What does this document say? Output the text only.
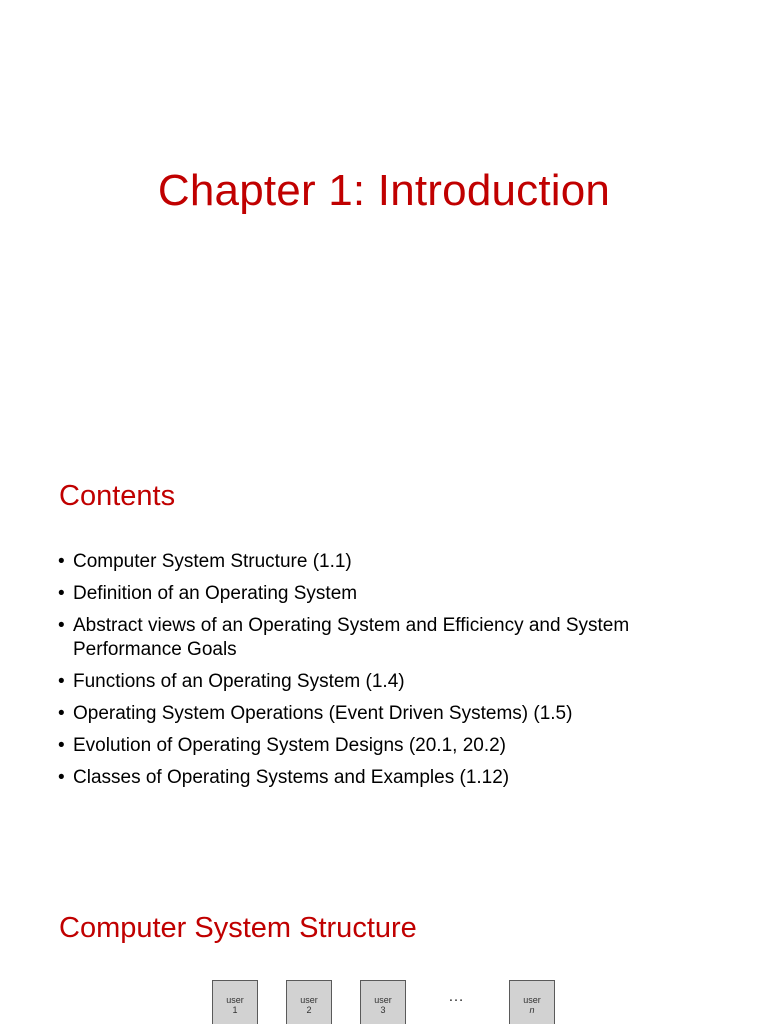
Chapter 1: Introduction
Contents
• Computer System Structure (1.1)
• Definition of an Operating System
• Abstract views of an Operating System and Efficiency and System Performance Goals
• Functions of an Operating System (1.4)
• Operating System Operations (Event Driven Systems) (1.5)
• Evolution of Operating System Designs (20.1, 20.2)
• Classes of Operating Systems and Examples (1.12)
Computer System Structure
user
1
user
2
user
3
…	user
n
